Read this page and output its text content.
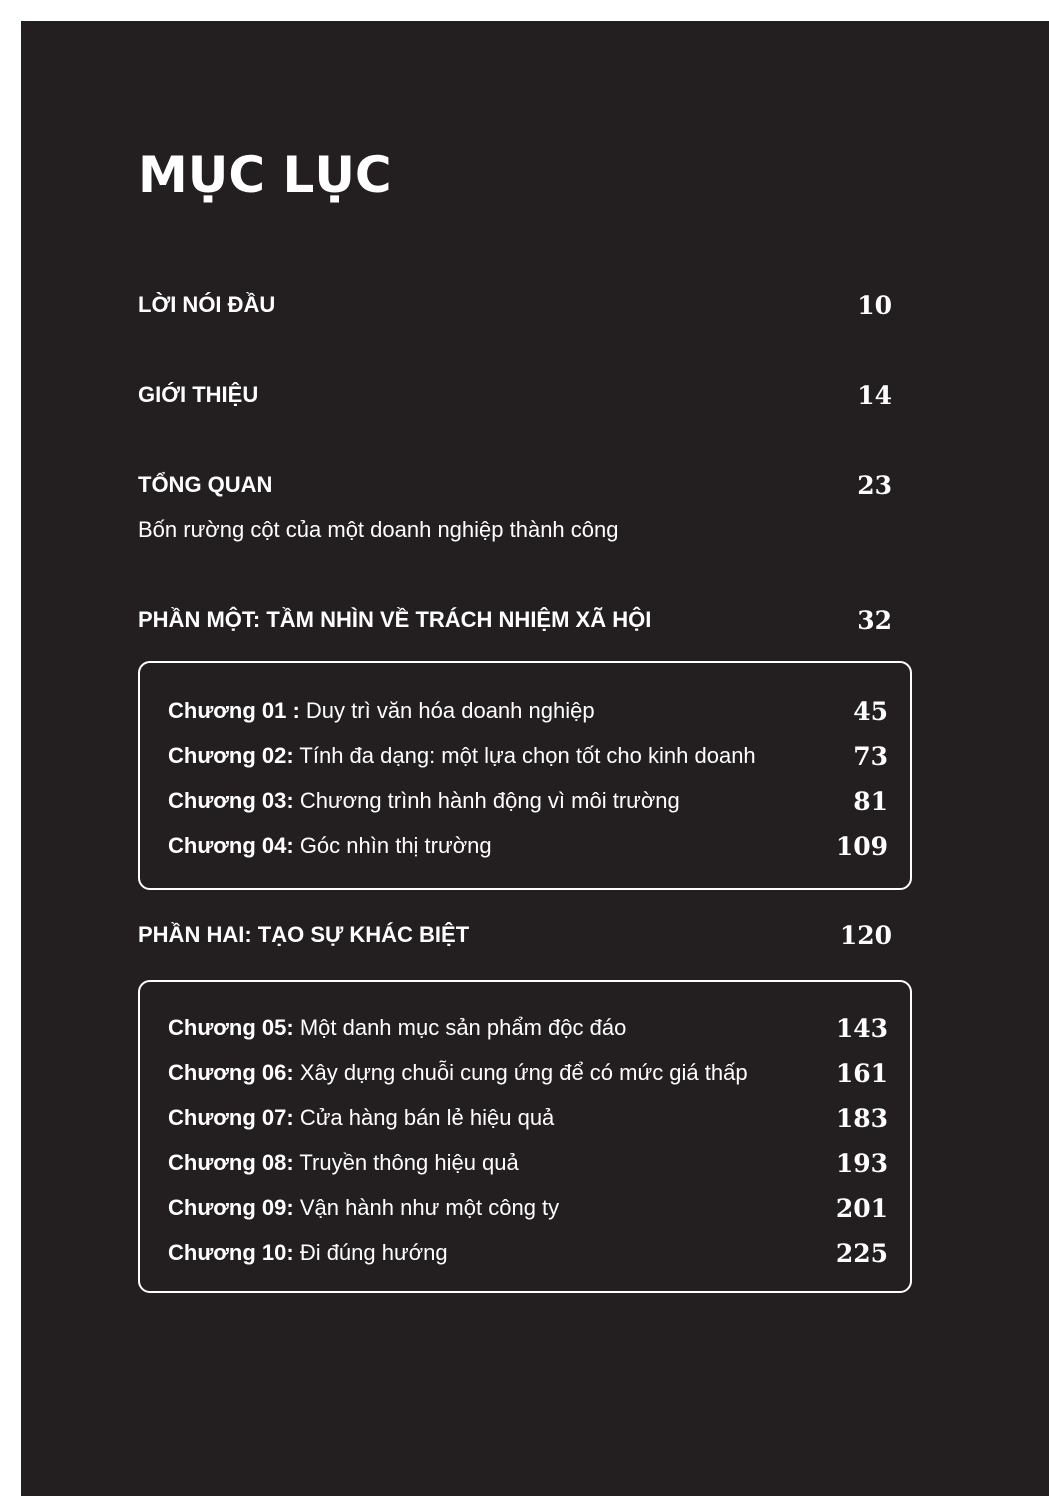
MỤC LỤC
LỜI NÓI ĐẦU	10
GIỚI THIỆU	14
TỔNG QUAN	23
Bốn rường cột của một doanh nghiệp thành công
PHẦN MỘT: TẦM NHÌN VỀ TRÁCH NHIỆM XÃ HỘI	32
Chương 01 : Duy trì văn hóa doanh nghiệp	45
Chương 02: Tính đa dạng: một lựa chọn tốt cho kinh doanh	73
Chương 03: Chương trình hành động vì môi trường	81
Chương 04: Góc nhìn thị trường	109
PHẦN HAI: TẠO SỰ KHÁC BIỆT	120
Chương 05: Một danh mục sản phẩm độc đáo	143
Chương 06: Xây dựng chuỗi cung ứng để có mức giá thấp	161
Chương 07: Cửa hàng bán lẻ hiệu quả	183
Chương 08: Truyền thông hiệu quả	193
Chương 09: Vận hành như một công ty	201
Chương 10: Đi đúng hướng	225
